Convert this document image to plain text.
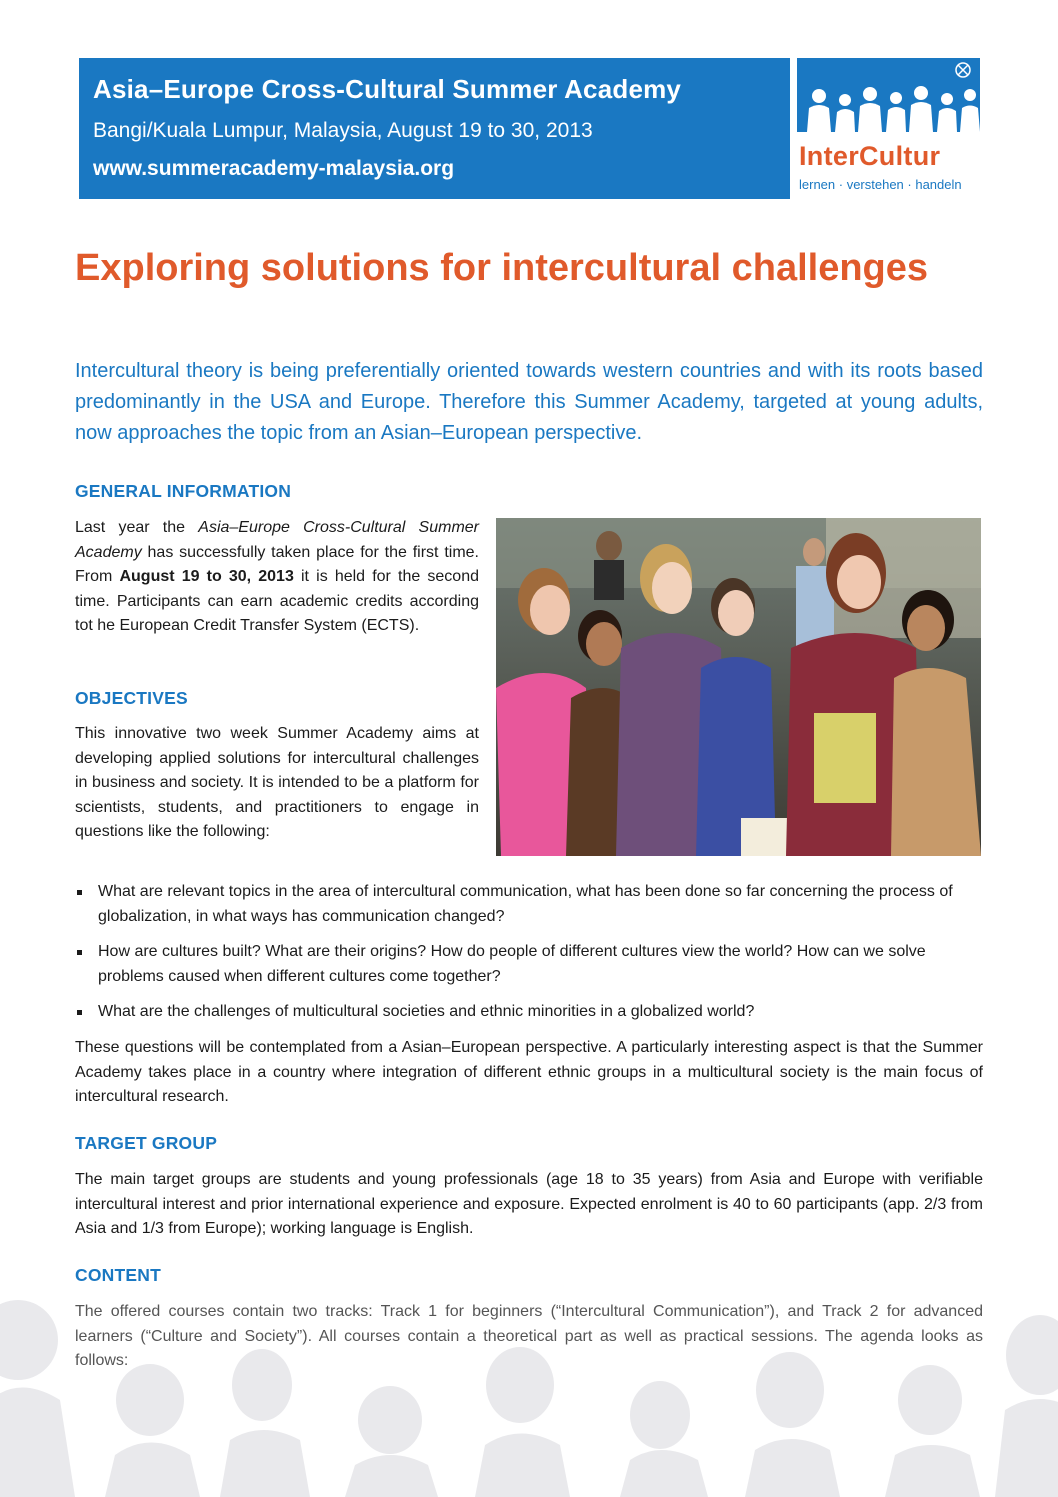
Asia–Europe Cross-Cultural Summer Academy
Bangi/Kuala Lumpur, Malaysia, August 19 to 30, 2013
www.summeracademy-malaysia.org	InterCultur
lernen · verstehen · handeln
Exploring solutions for intercultural challenges

Intercultural theory is being preferentially oriented towards western countries and with its roots based predominantly in the USA and Europe. Therefore this Summer Academy, targeted at young adults, now approaches the topic from an Asian–European perspective.

GENERAL INFORMATION

Last year the Asia–Europe Cross-Cultural Summer Academy has successfully taken place for the first time. From August 19 to 30, 2013 it is held for the second time. Participants can earn academic credits according tot he European Credit Transfer System (ECTS).

OBJECTIVES

This innovative two week Summer Academy aims at developing applied solutions for intercultural challenges in business and society. It is intended to be a platform for scientists, students, and practitioners to engage in questions like the following:

What are relevant topics in the area of intercultural communication, what has been done so far concerning the process of globalization, in what ways has communication changed?
How are cultures built? What are their origins? How do people of different cultures view the world? How can we solve problems caused when different cultures come together?
What are the challenges of multicultural societies and ethnic minorities in a globalized world?

These questions will be contemplated from a Asian–European perspective. A particularly interesting aspect is that the Summer Academy takes place in a country where integration of different ethnic groups in a multicultural society is the main focus of intercultural research.

TARGET GROUP

The main target groups are students and young professionals (age 18 to 35 years) from Asia and Europe with verifiable intercultural interest and prior international experience and exposure. Expected enrolment is 40 to 60 participants (app. 2/3 from Asia and 1/3 from Europe); working language is English.

CONTENT

The offered courses contain two tracks: Track 1 for beginners (“Intercultural Communication”), and Track 2 for advanced learners (“Culture and Society”). All courses contain a theoretical part as well as practical sessions. The agenda looks as follows:
